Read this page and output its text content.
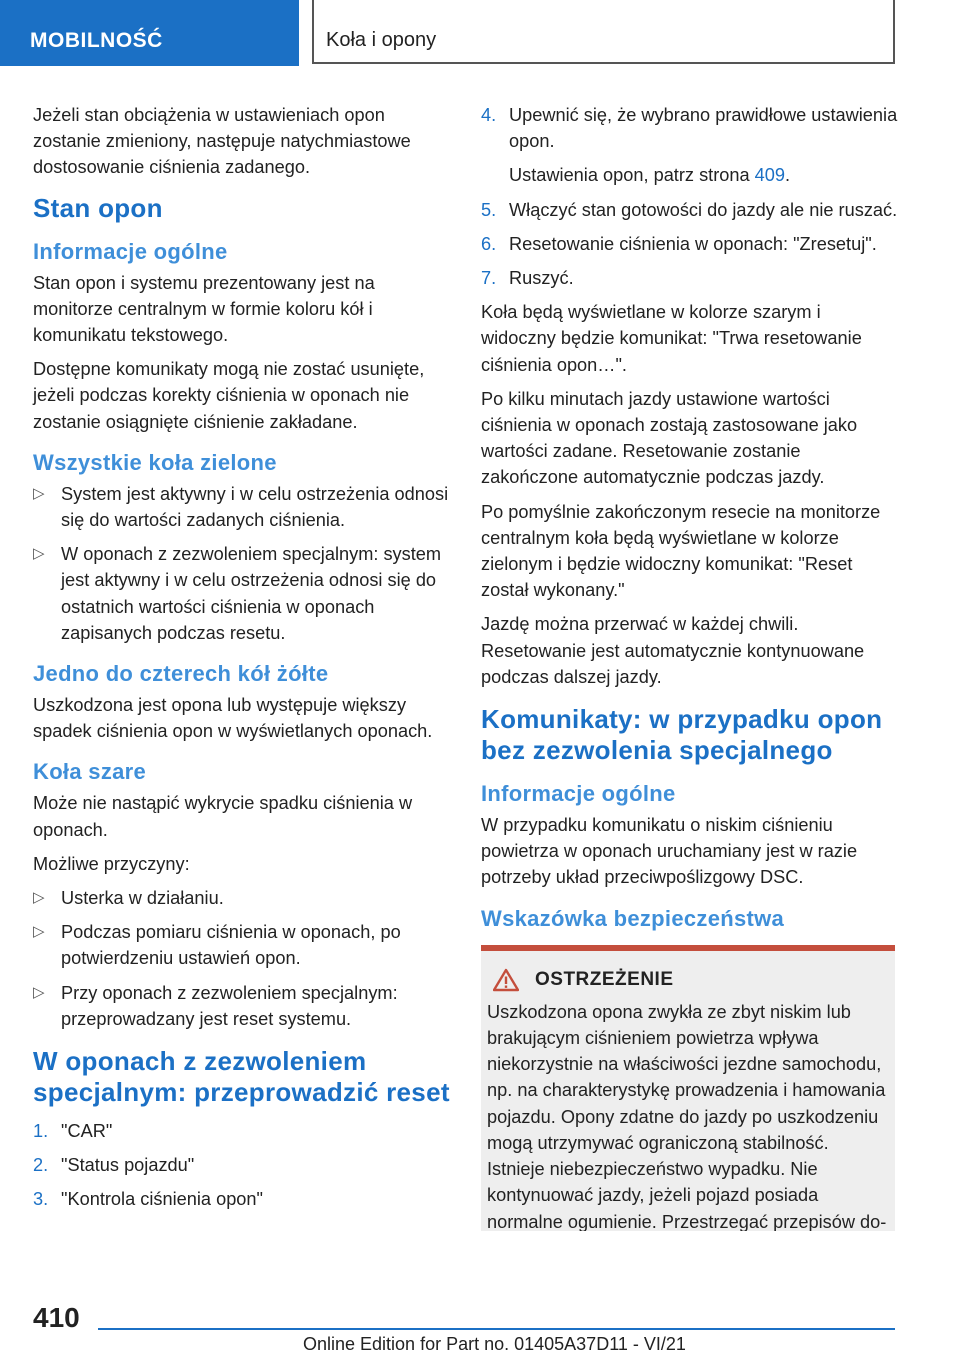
MOBILNOŚĆ	Koła i opony

Jeżeli stan obciążenia w ustawieniach opon zostanie zmieniony, następuje natychmiastowe dostosowanie ciśnienia zadanego.

Stan opon
Informacje ogólne

Stan opon i systemu prezentowany jest na monitorze centralnym w formie koloru kół i komunikatu tekstowego.

Dostępne komunikaty mogą nie zostać usunięte, jeżeli podczas korekty ciśnienia w oponach nie zostanie osiągnięte ciśnienie zakładane.

Wszystkie koła zielone
▷ System jest aktywny i w celu ostrzeżenia odnosi się do wartości zadanych ciśnienia.
▷ W oponach z zezwoleniem specjalnym: system jest aktywny i w celu ostrzeżenia odnosi się do ostatnich wartości ciśnienia w oponach zapisanych podczas resetu.
Jedno do czterech kół żółte

Uszkodzona jest opona lub występuje większy spadek ciśnienia opon w wyświetlanych oponach.

Koła szare

Może nie nastąpić wykrycie spadku ciśnienia w oponach.

Możliwe przyczyny:

▷ Usterka w działaniu.
▷ Podczas pomiaru ciśnienia w oponach, po potwierdzeniu ustawień opon.
▷ Przy oponach z zezwoleniem specjalnym: przeprowadzany jest reset systemu.
W oponach z zezwoleniem specjalnym: przeprowadzić reset
1. "CAR"
2. "Status pojazdu"
3. "Kontrola ciśnienia opon"
4. Upewnić się, że wybrano prawidłowe ustawienia opon.

Ustawienia opon, patrz strona 409.

5. Włączyć stan gotowości do jazdy ale nie ruszać.
6. Resetowanie ciśnienia w oponach: "Zresetuj".
7. Ruszyć.

Koła będą wyświetlane w kolorze szarym i widoczny będzie komunikat: "Trwa resetowanie ciśnienia opon…".

Po kilku minutach jazdy ustawione wartości ciśnienia w oponach zostają zastosowane jako wartości zadane. Resetowanie zostanie zakończone automatycznie podczas jazdy.

Po pomyślnie zakończonym resecie na monitorze centralnym koła będą wyświetlane w kolorze zielonym i będzie widoczny komunikat: "Reset został wykonany."

Jazdę można przerwać w każdej chwili. Resetowanie jest automatycznie kontynuowane podczas dalszej jazdy.

Komunikaty: w przypadku opon bez zezwolenia specjalnego
Informacje ogólne

W przypadku komunikatu o niskim ciśnieniu powietrza w oponach uruchamiany jest w razie potrzeby układ przeciwpoślizgowy DSC.

Wskazówka bezpieczeństwa
OSTRZEŻENIE

Uszkodzona opona zwykła ze zbyt niskim lub brakującym ciśnieniem powietrza wpływa niekorzystnie na właściwości jezdne samochodu, np. na charakterystykę prowadzenia i hamowania pojazdu. Opony zdatne do jazdy po uszkodzeniu mogą utrzymywać ograniczoną stabilność. Istnieje niebezpieczeństwo wypadku. Nie kontynuować jazdy, jeżeli pojazd posiada normalne ogumienie. Przestrzegać przepisów do-

410
Online Edition for Part no. 01405A37D11 - VI/21
